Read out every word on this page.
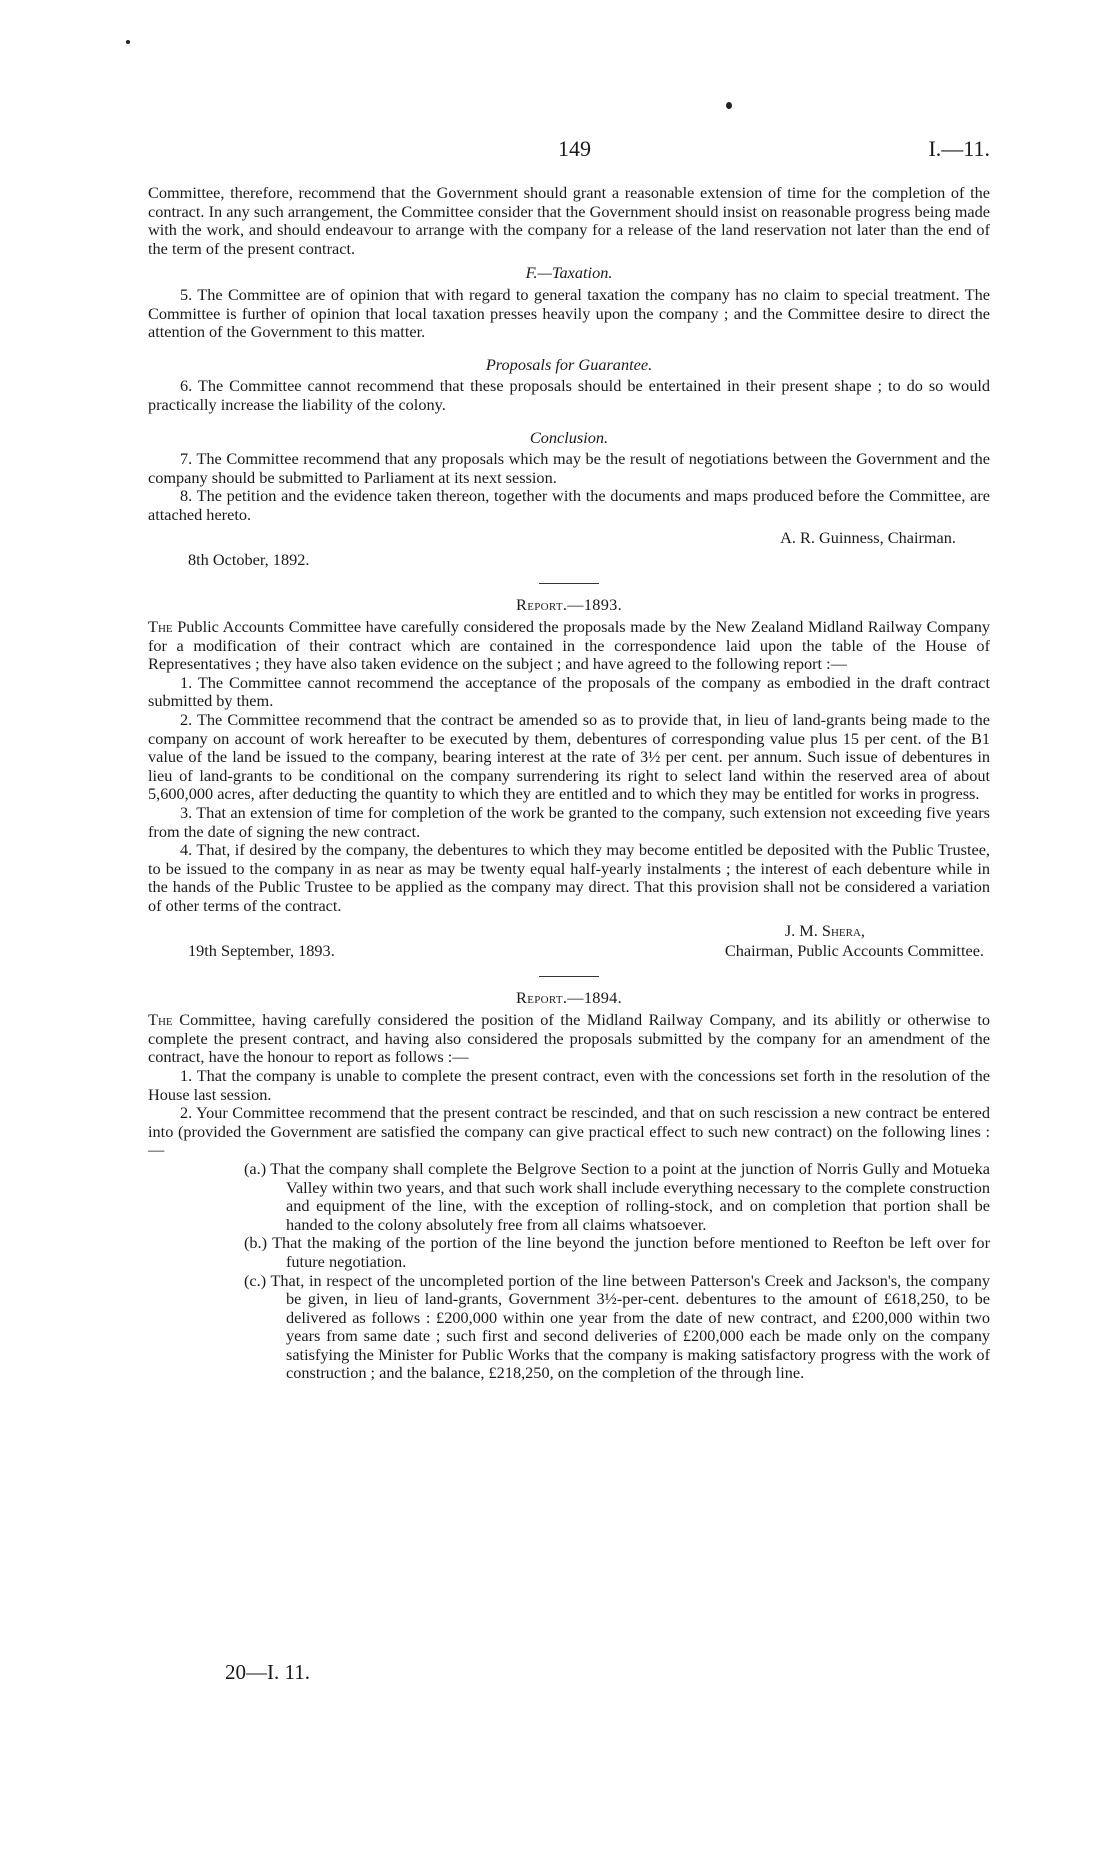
149	I.—11.

Committee, therefore, recommend that the Government should grant a reasonable extension of time for the completion of the contract. In any such arrangement, the Committee consider that the Government should insist on reasonable progress being made with the work, and should endeavour to arrange with the company for a release of the land reservation not later than the end of the term of the present contract.

F.—Taxation.

5. The Committee are of opinion that with regard to general taxation the company has no claim to special treatment. The Committee is further of opinion that local taxation presses heavily upon the company ; and the Committee desire to direct the attention of the Government to this matter.

Proposals for Guarantee.

6. The Committee cannot recommend that these proposals should be entertained in their present shape ; to do so would practically increase the liability of the colony.

Conclusion.

7. The Committee recommend that any proposals which may be the result of negotiations between the Government and the company should be submitted to Parliament at its next session.

8. The petition and the evidence taken thereon, together with the documents and maps produced before the Committee, are attached hereto.

A. R. Guinness, Chairman.
8th October, 1892.

Report.—1893.

The Public Accounts Committee have carefully considered the proposals made by the New Zealand Midland Railway Company for a modification of their contract which are contained in the correspondence laid upon the table of the House of Representatives ; they have also taken evidence on the subject ; and have agreed to the following report :—

1. The Committee cannot recommend the acceptance of the proposals of the company as embodied in the draft contract submitted by them.

2. The Committee recommend that the contract be amended so as to provide that, in lieu of land-grants being made to the company on account of work hereafter to be executed by them, debentures of corresponding value plus 15 per cent. of the B1 value of the land be issued to the company, bearing interest at the rate of 3½ per cent. per annum. Such issue of debentures in lieu of land-grants to be conditional on the company surrendering its right to select land within the reserved area of about 5,600,000 acres, after deducting the quantity to which they are entitled and to which they may be entitled for works in progress.

3. That an extension of time for completion of the work be granted to the company, such extension not exceeding five years from the date of signing the new contract.

4. That, if desired by the company, the debentures to which they may become entitled be deposited with the Public Trustee, to be issued to the company in as near as may be twenty equal half-yearly instalments ; the interest of each debenture while in the hands of the Public Trustee to be applied as the company may direct. That this provision shall not be considered a variation of other terms of the contract.

J. M. Shera,
19th September, 1893.	Chairman, Public Accounts Committee.

Report.—1894.

The Committee, having carefully considered the position of the Midland Railway Company, and its abilitly or otherwise to complete the present contract, and having also considered the proposals submitted by the company for an amendment of the contract, have the honour to report as follows :—

1. That the company is unable to complete the present contract, even with the concessions set forth in the resolution of the House last session.

2. Your Committee recommend that the present contract be rescinded, and that on such rescission a new contract be entered into (provided the Government are satisfied the company can give practical effect to such new contract) on the following lines :—

(a.) That the company shall complete the Belgrove Section to a point at the junction of Norris Gully and Motueka Valley within two years, and that such work shall include everything necessary to the complete construction and equipment of the line, with the exception of rolling-stock, and on completion that portion shall be handed to the colony absolutely free from all claims whatsoever.

(b.) That the making of the portion of the line beyond the junction before mentioned to Reefton be left over for future negotiation.

(c.) That, in respect of the uncompleted portion of the line between Patterson's Creek and Jackson's, the company be given, in lieu of land-grants, Government 3½-per-cent. debentures to the amount of £618,250, to be delivered as follows : £200,000 within one year from the date of new contract, and £200,000 within two years from same date ; such first and second deliveries of £200,000 each be made only on the company satisfying the Minister for Public Works that the company is making satisfactory progress with the work of construction ; and the balance, £218,250, on the completion of the through line.

20—I. 11.
